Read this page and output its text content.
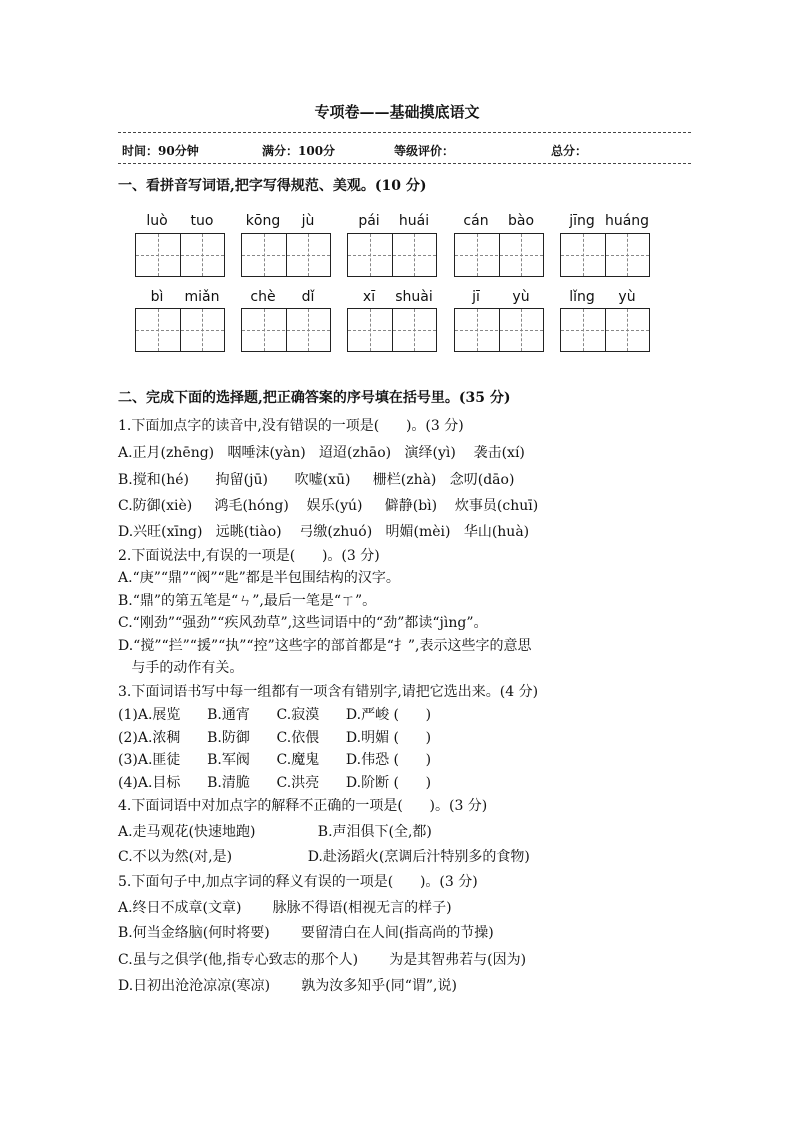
专项卷——基础摸底语文
时间：90分钟	满分：100分	等级评价：	总分：
一、看拼音写词语,把字写得规范、美观。(10 分)
luò	tuo	kōng	jù	pái	huái	cán	bào	jīng huáng
bì	miǎn	chè	dǐ	xī	shuài	jī	yù	lǐng	yù
二、完成下面的选择题,把正确答案的序号填在括号里。(35 分)
1.下面加点字的读音中,没有错误的一项是(      )。(3 分)
A.正月(zhēng)   咽唾沫(yàn)   迢迢(zhāo)   演绎(yì)    袭击(xí)
B.搅和(hé)      拘留(jū)      吹嘘(xū)     栅栏(zhà)   念叨(dāo)
C.防御(xiè)     鸿毛(hóng)    娱乐(yú)     僻静(bì)    炊事员(chuī)
D.兴旺(xīng)   远眺(tiào)    弓缴(zhuó)   明媚(mèi)   华山(huà)
2.下面说法中,有误的一项是(      )。(3 分)
A.“庚”“鼎”“阀”“匙”都是半包围结构的汉字。
B.“鼎”的第五笔是“ㄣ”,最后一笔是“ㄒ”。
C.“刚劲”“强劲”“疾风劲草”,这些词语中的“劲”都读“jìng”。
D.“搅”“拦”“援”“执”“控”这些字的部首都是“扌”,表示这些字的意思
与手的动作有关。
3.下面词语书写中每一组都有一项含有错别字,请把它选出来。(4 分)
(1)A.展览      B.通宵      C.寂漠      D.严峻 (      )
(2)A.浓稠      B.防御      C.依偎      D.明媚 (      )
(3)A.匪徒      B.军阀      C.魔鬼      D.伟恐 (      )
(4)A.目标      B.清脆      C.洪亮      D.阶断 (      )
4.下面词语中对加点字的解释不正确的一项是(      )。(3 分)
A.走马观花(快速地跑)              B.声泪俱下(全,都)
C.不以为然(对,是)                 D.赴汤蹈火(烹调后汁特别多的食物)
5.下面句子中,加点字词的释义有误的一项是(      )。(3 分)
A.终日不成章(文章)       脉脉不得语(相视无言的样子)
B.何当金络脑(何时将要)       要留清白在人间(指高尚的节操)
C.虽与之俱学(他,指专心致志的那个人)       为是其智弗若与(因为)
D.日初出沧沧凉凉(寒凉)       孰为汝多知乎(同“谓”,说)
